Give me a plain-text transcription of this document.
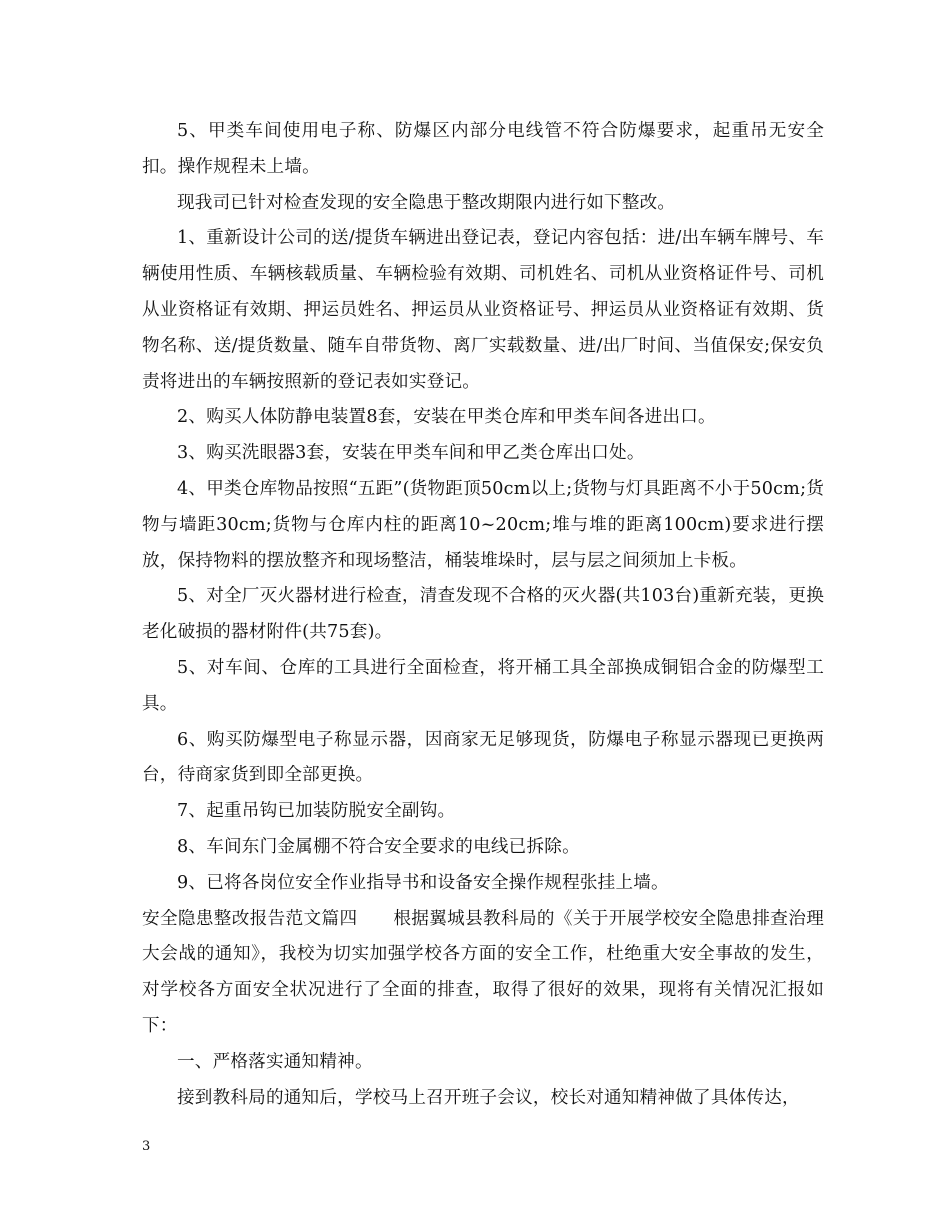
5、甲类车间使用电子称、防爆区内部分电线管不符合防爆要求，起重吊无安全扣。操作规程未上墙。

现我司已针对检查发现的安全隐患于整改期限内进行如下整改。

1、重新设计公司的送/提货车辆进出登记表，登记内容包括：进/出车辆车牌号、车辆使用性质、车辆核载质量、车辆检验有效期、司机姓名、司机从业资格证件号、司机从业资格证有效期、押运员姓名、押运员从业资格证号、押运员从业资格证有效期、货物名称、送/提货数量、随车自带货物、离厂实载数量、进/出厂时间、当值保安;保安负责将进出的车辆按照新的登记表如实登记。

2、购买人体防静电装置8套，安装在甲类仓库和甲类车间各进出口。

3、购买洗眼器3套，安装在甲类车间和甲乙类仓库出口处。

4、甲类仓库物品按照“五距”(货物距顶50cm以上;货物与灯具距离不小于50cm;货物与墙距30cm;货物与仓库内柱的距离10~20cm;堆与堆的距离100cm)要求进行摆放，保持物料的摆放整齐和现场整洁，桶装堆垛时，层与层之间须加上卡板。

5、对全厂灭火器材进行检查，清查发现不合格的灭火器(共103台)重新充装，更换老化破损的器材附件(共75套)。

5、对车间、仓库的工具进行全面检查，将开桶工具全部换成铜铝合金的防爆型工具。

6、购买防爆型电子称显示器，因商家无足够现货，防爆电子称显示器现已更换两台，待商家货到即全部更换。

7、起重吊钩已加装防脱安全副钩。

8、车间东门金属棚不符合安全要求的电线已拆除。

9、已将各岗位安全作业指导书和设备安全操作规程张挂上墙。

安全隐患整改报告范文篇四　　根据翼城县教科局的《关于开展学校安全隐患排查治理大会战的通知》，我校为切实加强学校各方面的安全工作，杜绝重大安全事故的发生，对学校各方面安全状况进行了全面的排查，取得了很好的效果，现将有关情况汇报如下：

一、严格落实通知精神。

接到教科局的通知后，学校马上召开班子会议，校长对通知精神做了具体传达，

3
